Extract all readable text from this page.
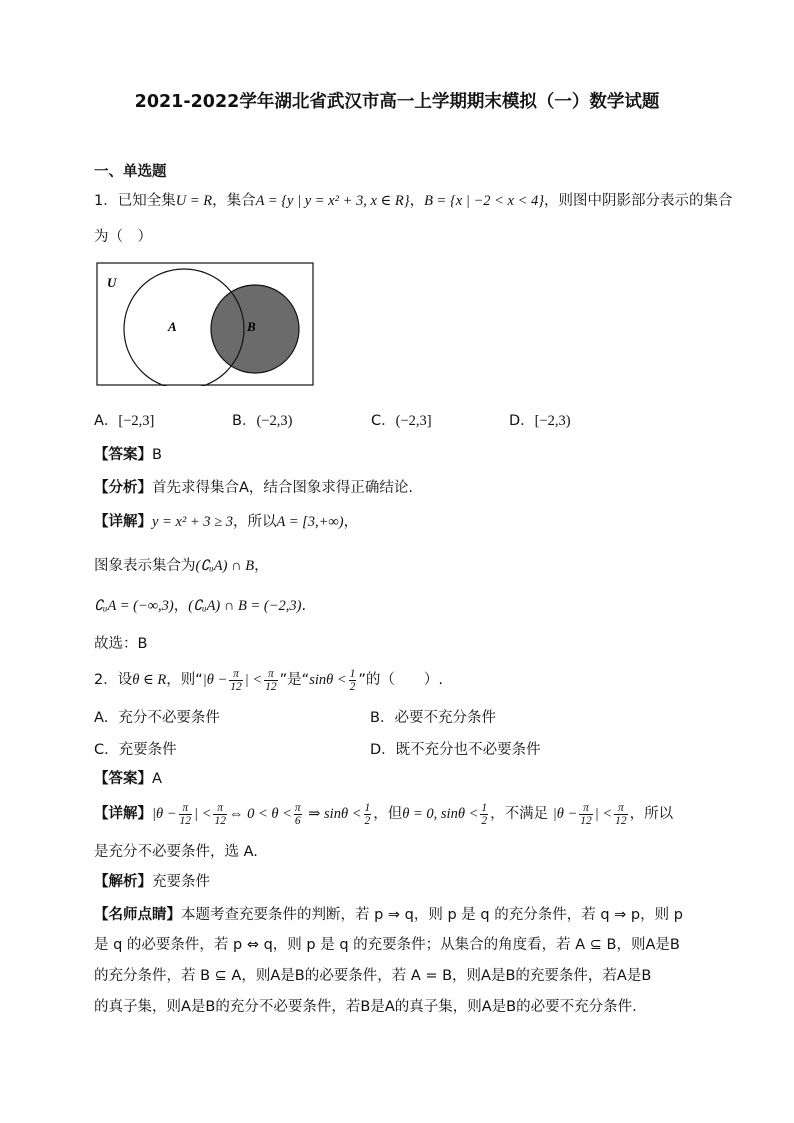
2021-2022学年湖北省武汉市高一上学期期末模拟（一）数学试题
一、单选题
1．已知全集U = R，集合A = {y | y = x² + 3, x ∈ R}，B = {x | −2 < x < 4}，则图中阴影部分表示的集合
为（　）
U
A	B
A．[−2,3]	B．(−2,3)	C．(−2,3]	D．[−2,3)
【答案】B
【分析】首先求得集合A，结合图象求得正确结论.
【详解】y = x² + 3 ≥ 3，所以A = [3,+∞)，
图象表示集合为(∁ᵤA) ∩ B，
∁ᵤA = (−∞,3)，(∁ᵤA) ∩ B = (−2,3).
故选：B
2．设θ ∈ R，则“$|\theta - \frac{\pi}{12}$ | < $\frac{\pi}{12}$ ”是“$\sin\theta < \frac{1}{2}$ ”的（　　）.
A．充分不必要条件	B．必要不充分条件
C．充要条件	D．既不充分也不必要条件
【答案】A
【详解】$|\theta - \frac{\pi}{12}$ | < $\frac{\pi}{12}$ ⇔ $0 < \theta < \frac{\pi}{6}$ ⇒ $\sin\theta < \frac{1}{2}$ ，但θ = 0, $\sin\theta < \frac{1}{2}$ ，不满足 $|\theta - \frac{\pi}{12}$ | < $\frac{\pi}{12}$ ，所以
是充分不必要条件，选 A.
【解析】充要条件
【名师点睛】本题考查充要条件的判断，若 p ⇒ q，则 p 是 q 的充分条件，若 q ⇒ p，则 p
是 q 的必要条件，若 p ⇔ q，则 p 是 q 的充要条件；从集合的角度看，若 A ⊆ B，则A是B
的充分条件，若 B ⊆ A，则A是B的必要条件，若 A = B，则A是B的充要条件，若A是B
的真子集，则A是B的充分不必要条件，若B是A的真子集，则A是B的必要不充分条件.
